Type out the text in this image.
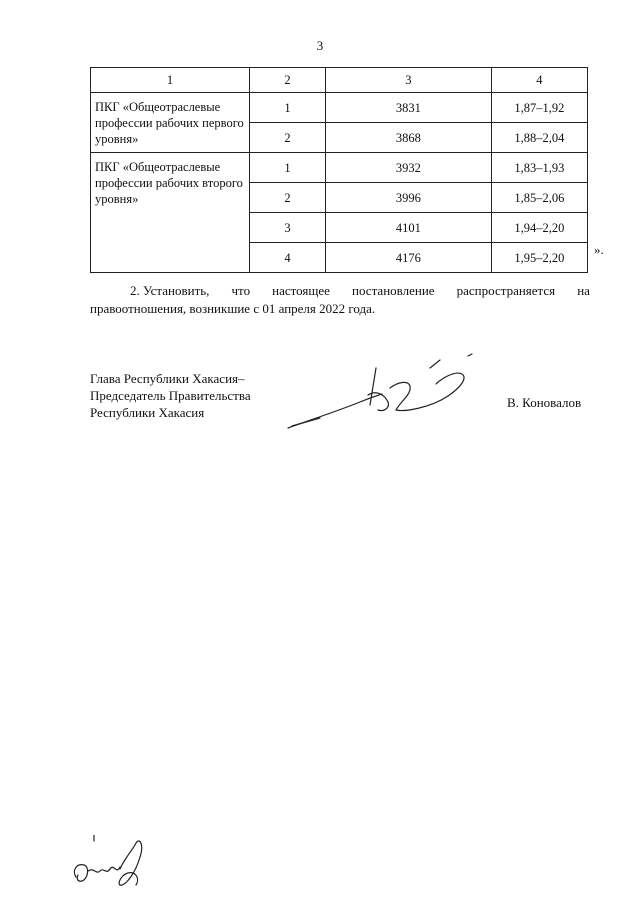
3
1	2	3	4
ПКГ «Общеотраслевые профессии рабочих первого уровня»	1	3831	1,87–1,92
	2	3868	1,88–2,04
ПКГ «Общеотраслевые профессии рабочих второго уровня»	1	3932	1,83–1,93
	2	3996	1,85–2,06
	3	4101	1,94–2,20
	4	4176	1,95–2,20
».
2. Установить, что настоящее постановление распространяется на
правоотношения, возникшие с 01 апреля 2022 года.
Глава Республики Хакасия–
Председатель Правительства
Республики Хакасия
В. Коновалов
